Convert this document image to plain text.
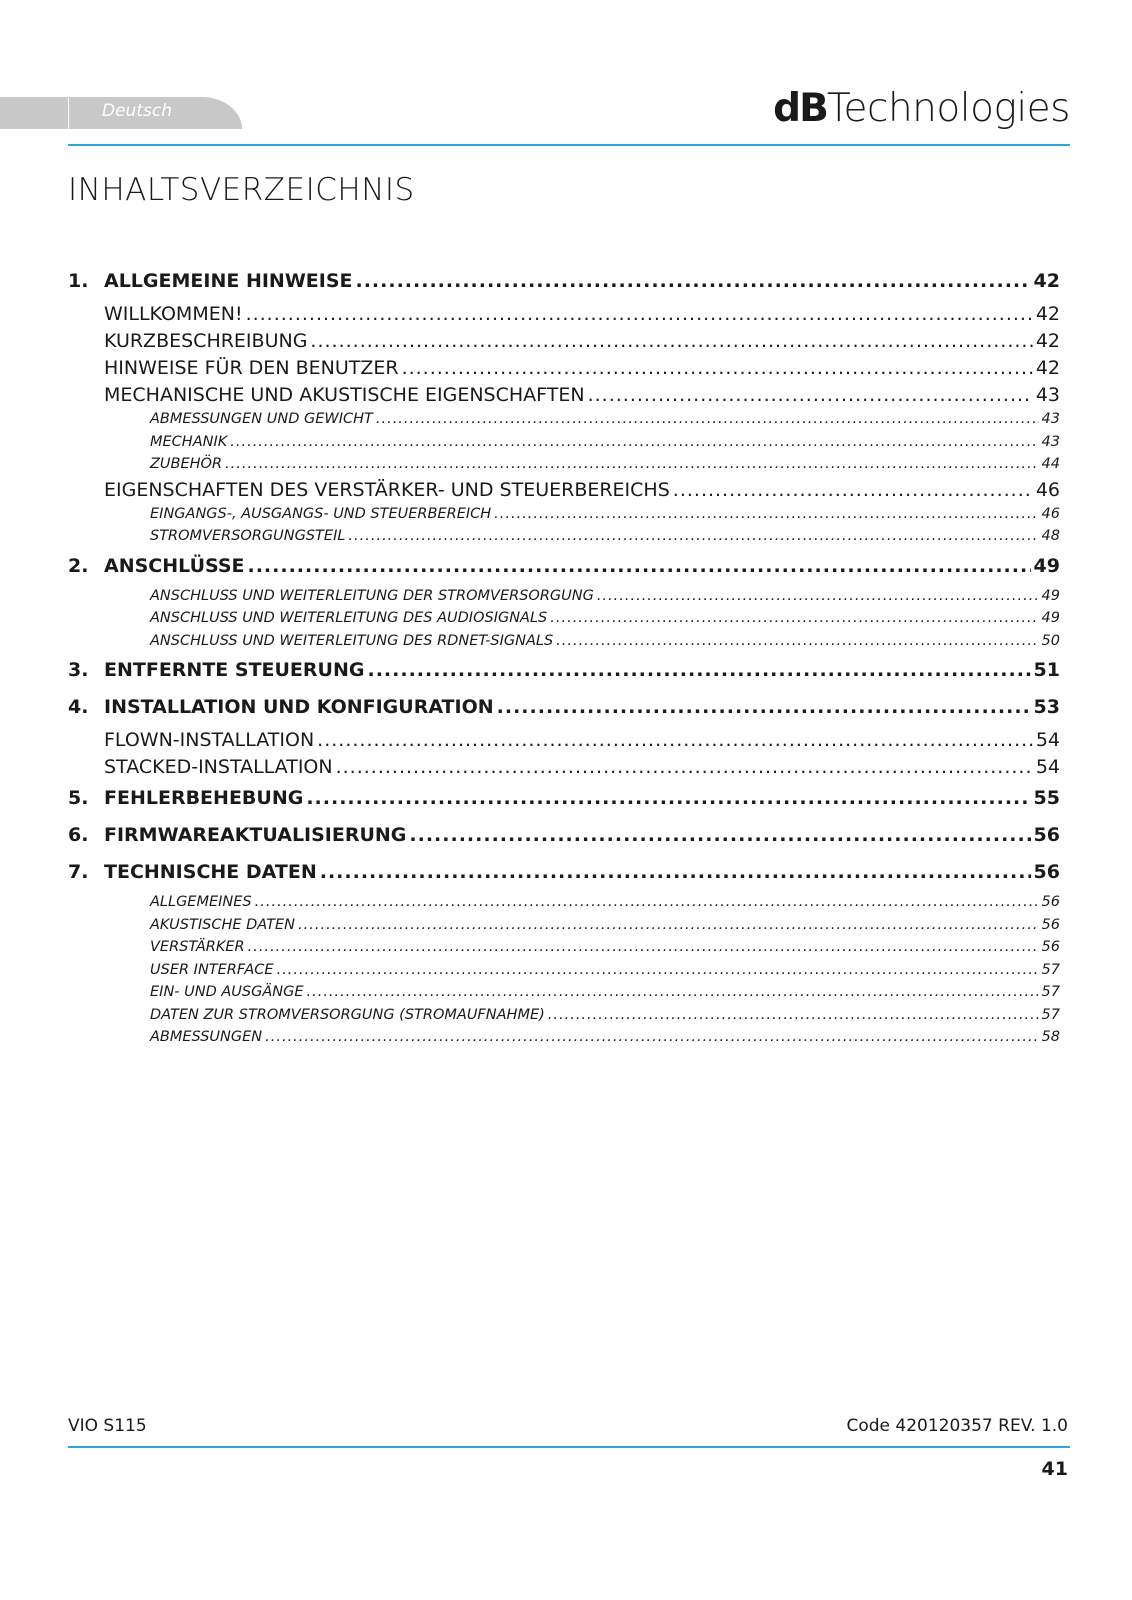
Deutsch	dBTechnologies
INHALTSVERZEICHNIS
1. ALLGEMEINE HINWEISE .....	42
WILLKOMMEN! .....	42
KURZBESCHREIBUNG .....	42
HINWEISE FÜR DEN BENUTZER .....	42
MECHANISCHE UND AKUSTISCHE EIGENSCHAFTEN .....	43
ABMESSUNGEN UND GEWICHT .....	43
MECHANIK .....	43
ZUBEHÖR .....	44
EIGENSCHAFTEN DES VERSTÄRKER- UND STEUERBEREICHS .....	46
EINGANGS-, AUSGANGS- UND STEUERBEREICH .....	46
STROMVERSORGUNGSTEIL .....	48
2. ANSCHLÜSSE .....	49
ANSCHLUSS UND WEITERLEITUNG DER STROMVERSORGUNG .....	49
ANSCHLUSS UND WEITERLEITUNG DES AUDIOSIGNALS .....	49
ANSCHLUSS UND WEITERLEITUNG DES RDNET-SIGNALS .....	50
3. ENTFERNTE STEUERUNG .....	51
4. INSTALLATION UND KONFIGURATION .....	53
FLOWN-INSTALLATION .....	54
STACKED-INSTALLATION .....	54
5. FEHLERBEHEBUNG .....	55
6. FIRMWAREAKTUALISIERUNG .....	56
7. TECHNISCHE DATEN .....	56
ALLGEMEINES .....	56
AKUSTISCHE DATEN .....	56
VERSTÄRKER .....	56
USER INTERFACE .....	57
EIN- UND AUSGÄNGE .....	57
DATEN ZUR STROMVERSORGUNG (STROMAUFNAHME) .....	57
ABMESSUNGEN .....	58
VIO S115	Code 420120357 REV. 1.0
41
